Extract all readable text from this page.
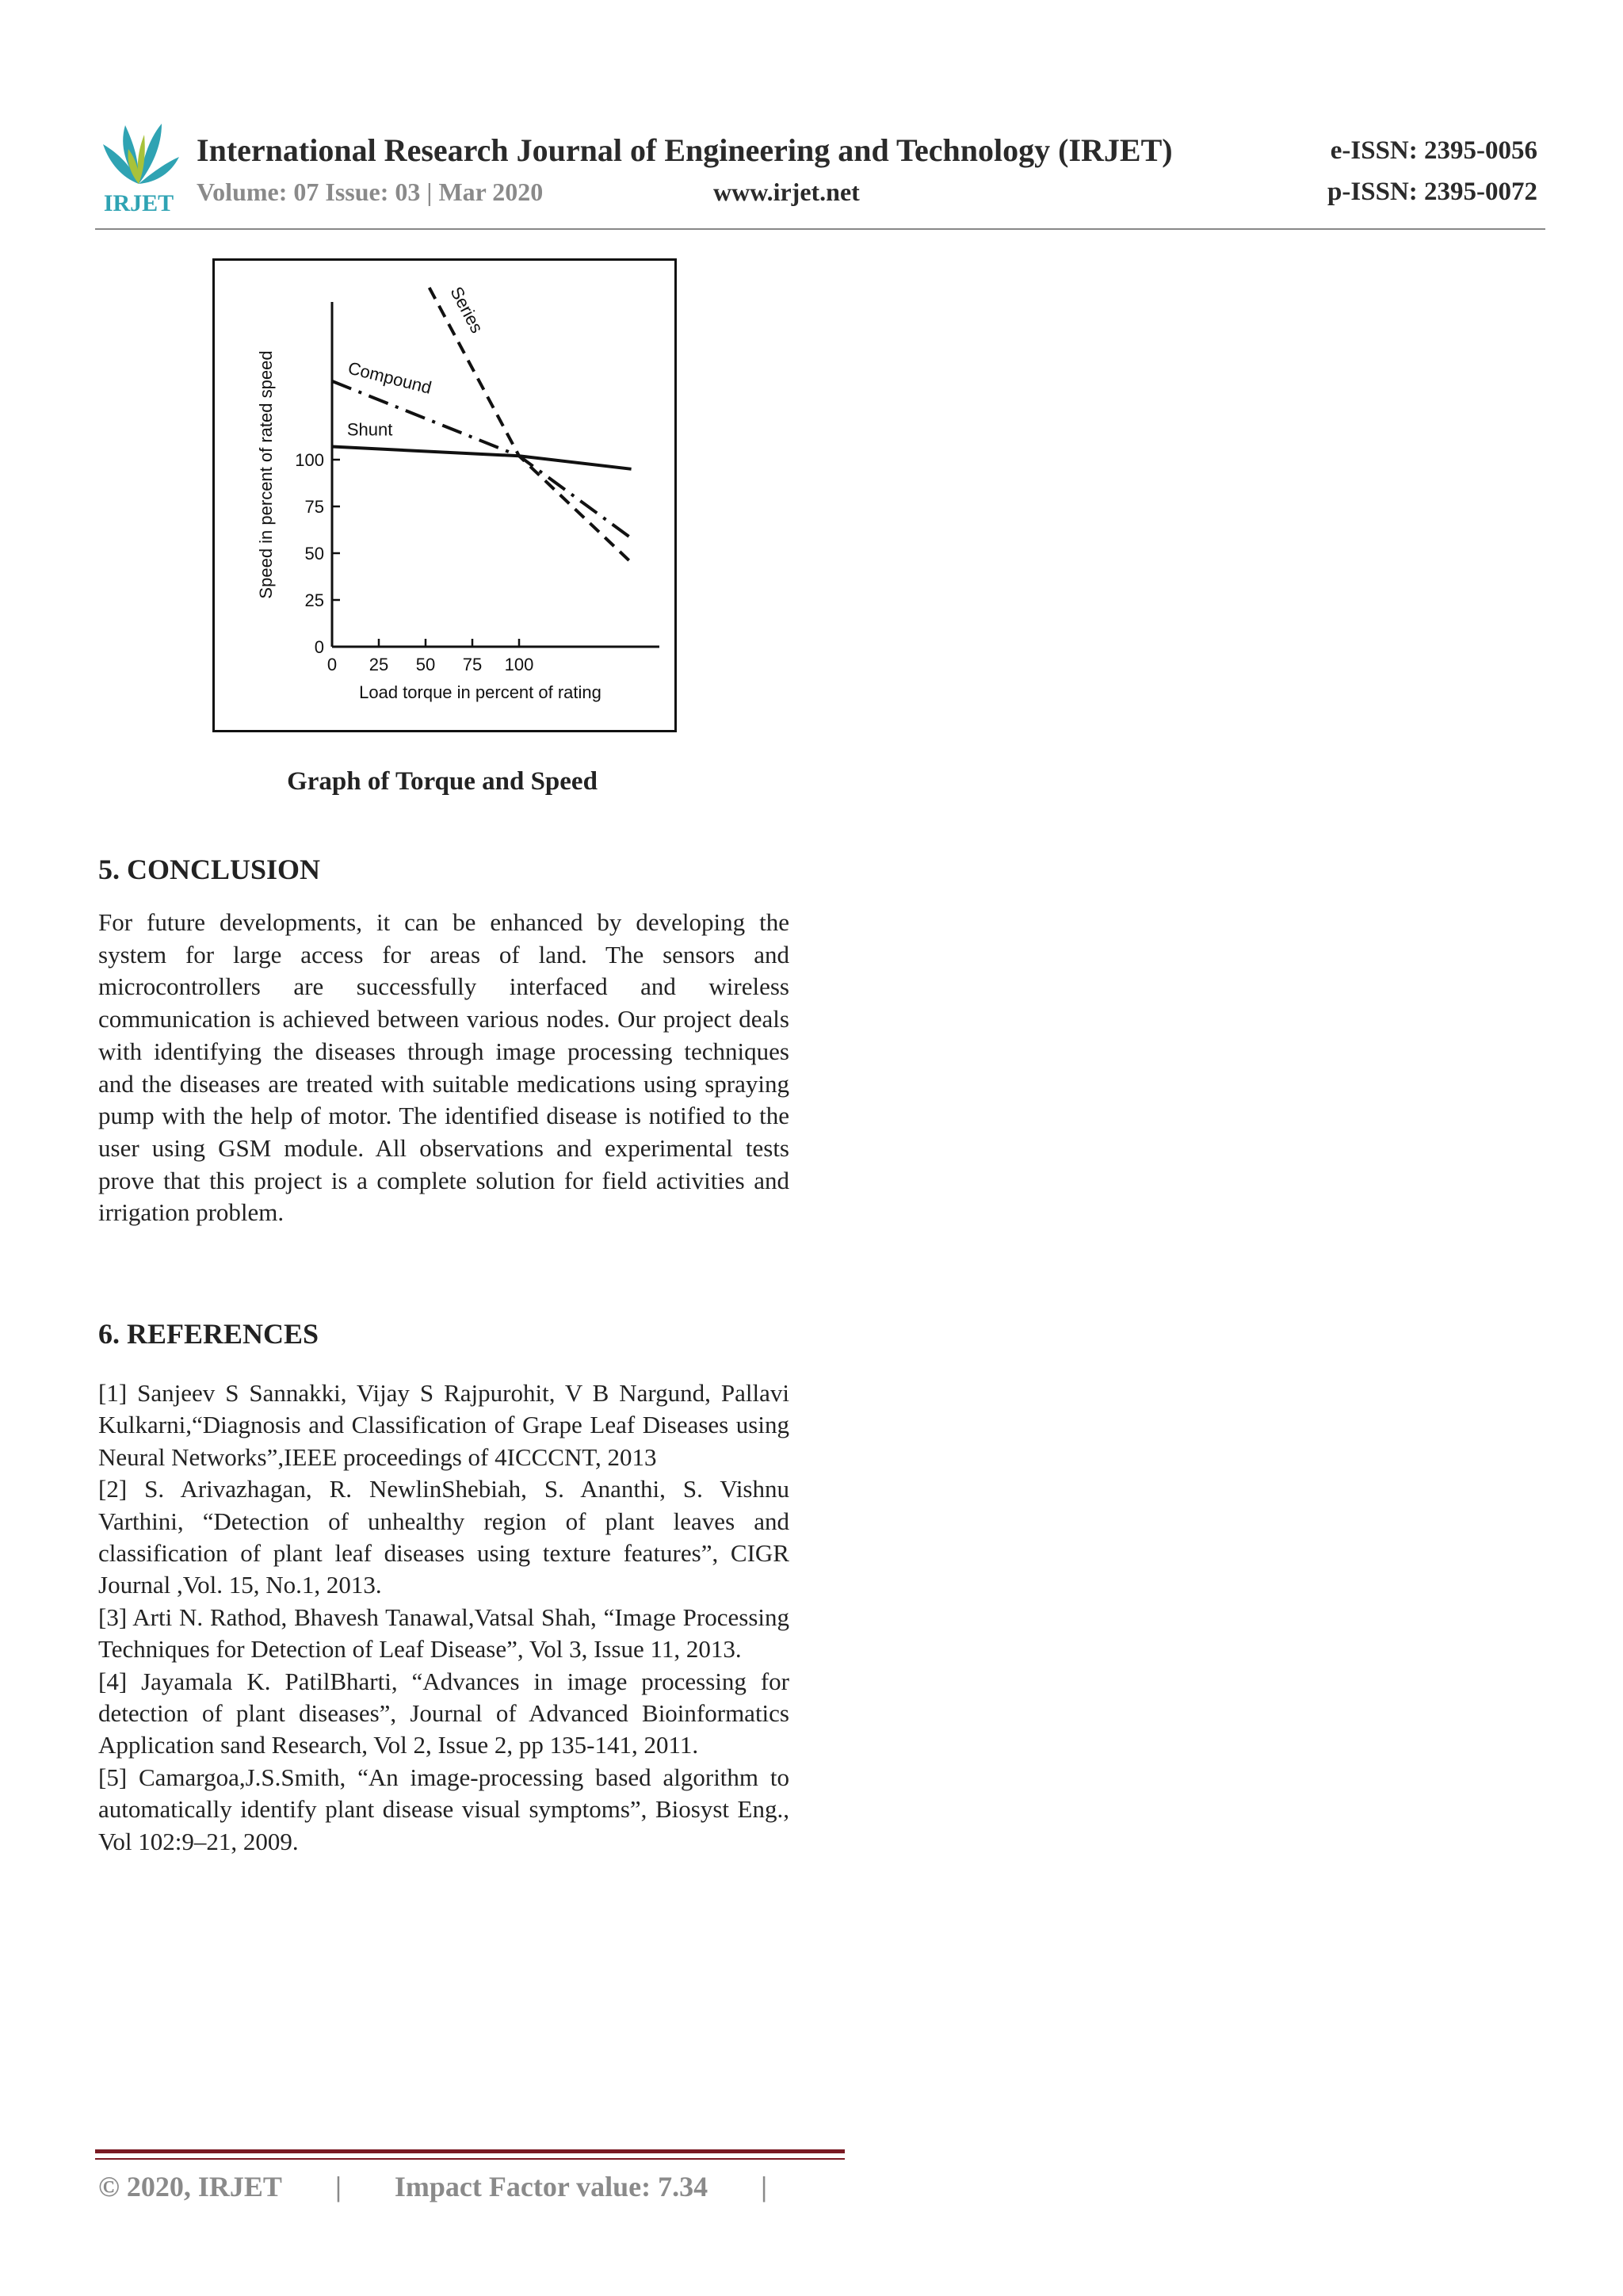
IRJET
International Research Journal of Engineering and Technology (IRJET)
Volume: 07 Issue: 03 | Mar 2020	www.irjet.net
e-ISSN: 2395-0056
p-ISSN: 2395-0072
0 25 50 75 100
0
25
50
75
100
Load torque in percent of rating
Speed in percent of rated speed	Shunt
Compound
Series
Graph of Torque and Speed
5. CONCLUSION

For future developments, it can be enhanced by developing the system for large access for areas of land. The sensors and microcontrollers are successfully interfaced and wireless communication is achieved between various nodes. Our project deals with identifying the diseases through image processing techniques and the diseases are treated with suitable medications using spraying pump with the help of motor. The identified disease is notified to the user using GSM module. All observations and experimental tests prove that this project is a complete solution for field activities and irrigation problem.

6. REFERENCES

[1] Sanjeev S Sannakki, Vijay S Rajpurohit, V B Nargund, Pallavi Kulkarni,“Diagnosis and Classification of Grape Leaf Diseases using Neural Networks”,IEEE proceedings of 4ICCCNT, 2013

[2] S. Arivazhagan, R. NewlinShebiah, S. Ananthi, S. Vishnu Varthini, “Detection of unhealthy region of plant leaves and classification of plant leaf diseases using texture features”, CIGR Journal ,Vol. 15, No.1, 2013.

[3] Arti N. Rathod, Bhavesh Tanawal,Vatsal Shah, “Image Processing Techniques for Detection of Leaf Disease”, Vol 3, Issue 11, 2013.

[4] Jayamala K. PatilBharti, “Advances in image processing for detection of plant diseases”, Journal of Advanced Bioinformatics Application sand Research, Vol 2, Issue 2, pp 135-141, 2011.

[5] Camargoa,J.S.Smith, “An image-processing based algorithm to automatically identify plant disease visual symptoms”, Biosyst Eng., Vol 102:9–21, 2009.

© 2020, IRJET | Impact Factor value: 7.34 |
